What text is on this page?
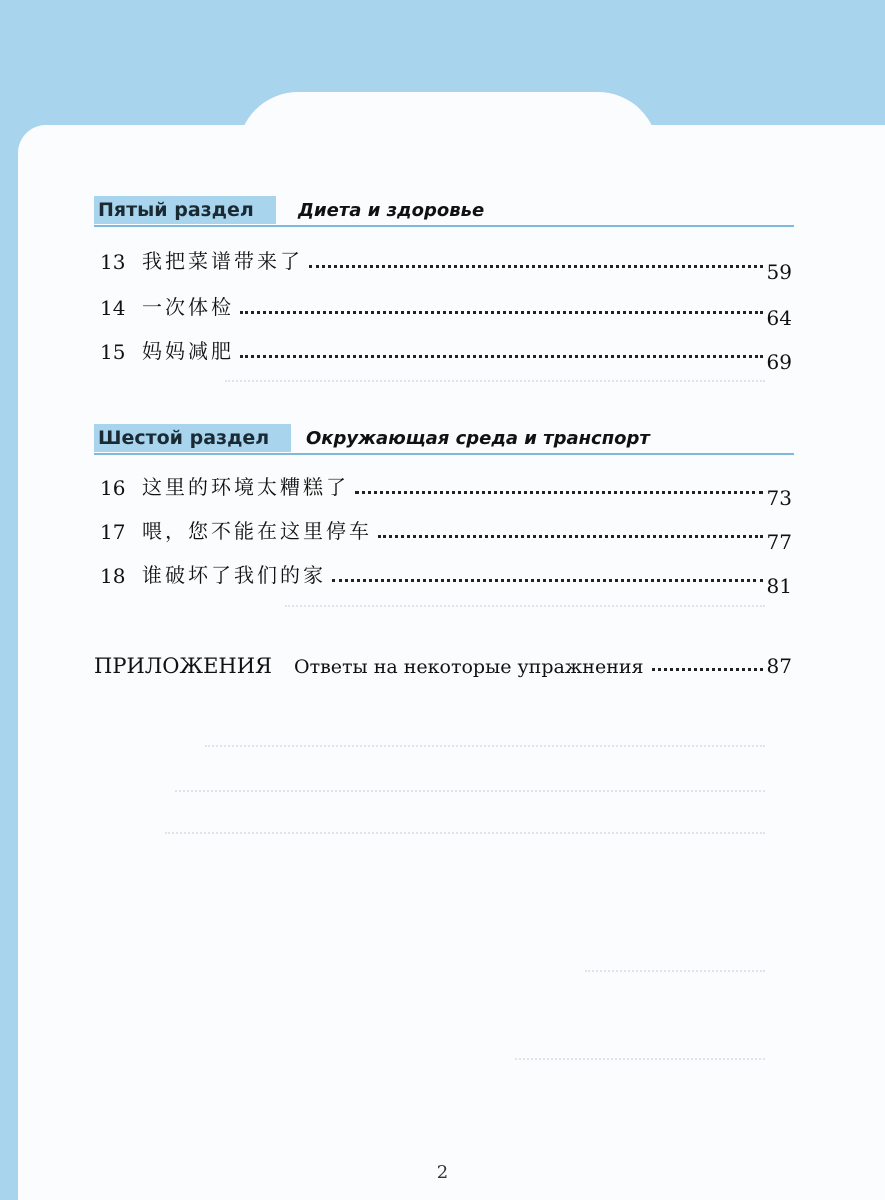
Пятый раздел	Диета и здоровье
13 我把菜谱带来了	59
14 一次体检	64
15 妈妈减肥	69
Шестой раздел	Окружающая среда и транспорт
16 这里的环境太糟糕了	73
17 喂，您不能在这里停车	77
18 谁破坏了我们的家	81
ПРИЛОЖЕНИЯ	Ответы на некоторые упражнения	87
2
